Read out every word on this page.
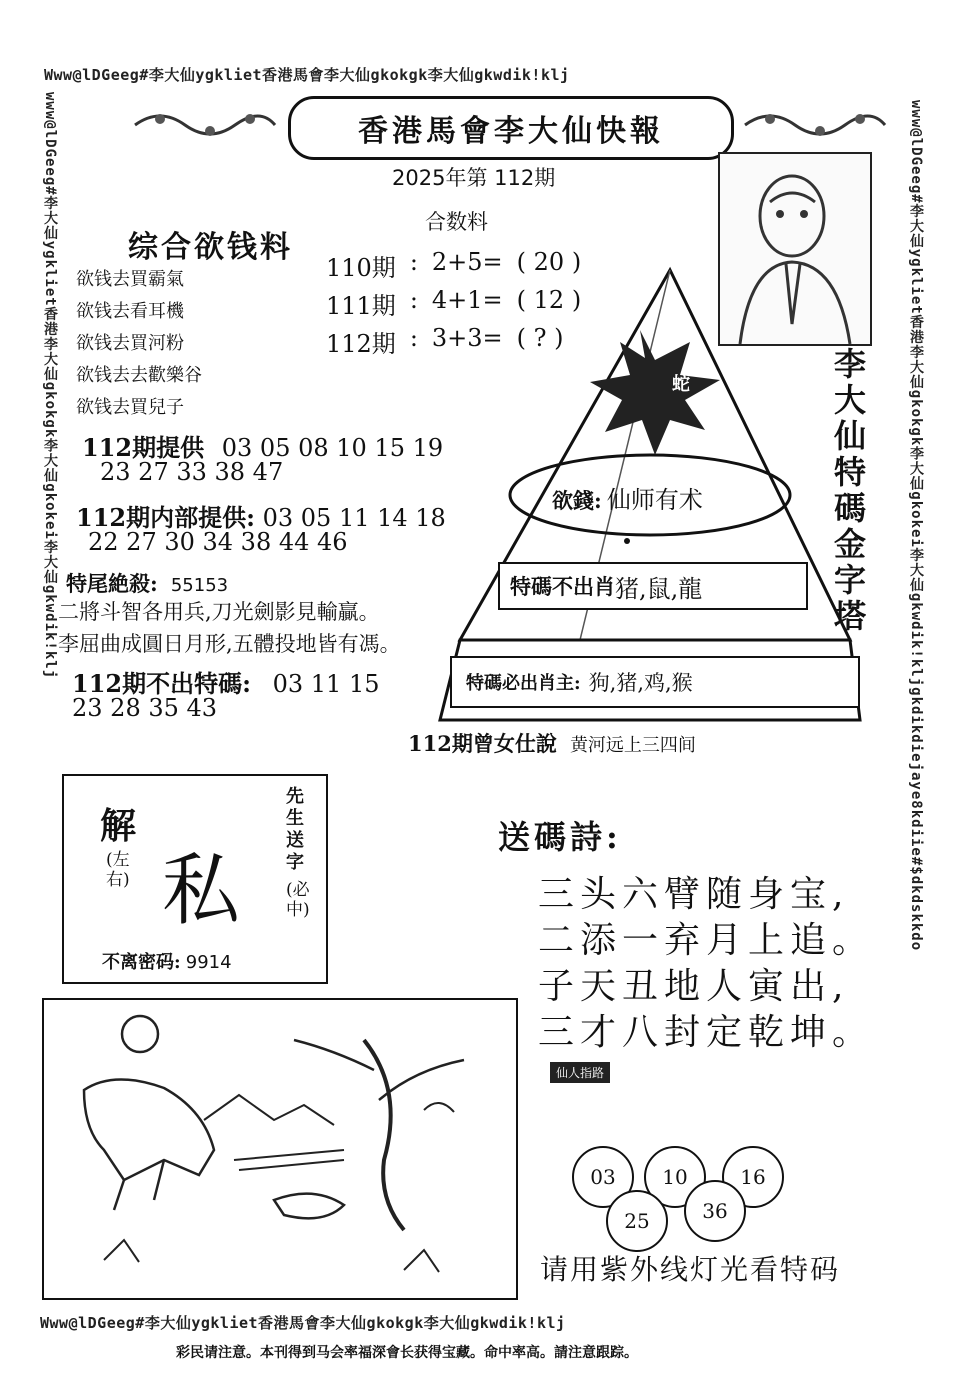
Www@lDGeeg#李大仙ygkliet香港馬會李大仙gkokgk李大仙gkwdik!klj
Www@lDGeeg#李大仙ygkliet香港馬會李大仙gkokgk李大仙gkwdik!klj
www@lDGeeg#李大仙ygkliet香港李大仙gkokgk李大仙gkokei李大仙gkwdik!klj	www@lDGeeg#李大仙ygkliet香港李大仙gkokgk李大仙gkokei李大仙gkwdik!kljgkdikdiejaye8kdiie#$dkdskkdo
香港馬會李大仙快報
2025年第 112期
合数料
110期 : 2+5= ( 20 )
111期 : 4+1= ( 12 )
112期 : 3+3= ( ? )
综合欲钱料
欲钱去買霸氣
欲钱去看耳機
欲钱去買河粉
欲钱去去歡樂谷
欲钱去買兒子
112期提供 03 05 08 10 15 19
23 27 33 38 47
112期内部提供: 03 05 11 14 18
22 27 30 34 38 44 46
特尾絶殺: 55153
二將斗智各用兵,刀光劍影見輸贏。
李屈曲成圓日月形,五體投地皆有馮。
112期不出特碼: 03 11 15
23 28 35 43
蛇
李大仙特碼金字塔
欲錢: 仙师有术
特碼不出肖 猪,鼠,龍
特碼必出肖主: 狗,猪,鸡,猴
112期曾女仕說 黄河远上三四间
解
(左右) 私
先生送字
(必中)
不离密码: 9914
送碼詩:
三头六臂随身宝,
二添一弃月上追。
子天丑地人寅出,
三才八封定乾坤。
仙人指路
03	10	16
25	36
请用紫外线灯光看特码
彩民请注意。本刊得到马会率福深會长获得宝藏。命中率高。請注意跟踪。
